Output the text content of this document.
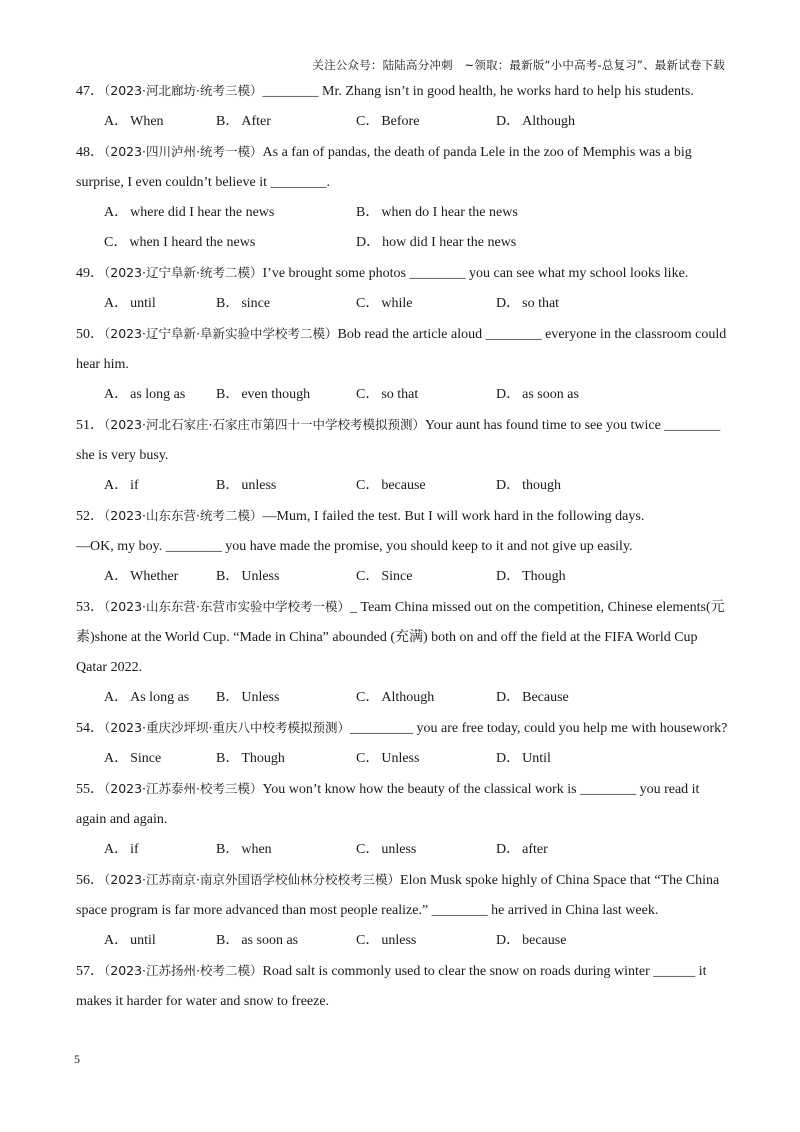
关注公众号：陆陆高分冲刺　~领取：最新版“小中高考-总复习”、最新试卷下载

47．（2023·河北廊坊·统考三模）________ Mr. Zhang isn’t in good health, he works hard to help his students.

A． When	B． After	C． Before	D． Although

48．（2023·四川泸州·统考一模）As a fan of pandas, the death of panda Lele in the zoo of Memphis was a big surprise, I even couldn’t believe it ________.

A． where did I hear the news	B． when do I hear the news
C． when I heard the news	D． how did I hear the news

49．（2023·辽宁阜新·统考二模）I’ve brought some photos ________ you can see what my school looks like.

A． until	B． since	C． while	D． so that

50．（2023·辽宁阜新·阜新实验中学校考二模）Bob read the article aloud ________ everyone in the classroom could hear him.

A． as long as	B． even though	C． so that	D． as soon as

51．（2023·河北石家庄·石家庄市第四十一中学校考模拟预测）Your aunt has found time to see you twice ________ she is very busy.

A． if	B． unless	C． because	D． though

52．（2023·山东东营·统考二模）—Mum, I failed the test. But I will work hard in the following days.

—OK, my boy. ________ you have made the promise, you should keep to it and not give up easily.

A． Whether	B． Unless	C． Since	D． Though

53．（2023·山东东营·东营市实验中学校考一模）_ Team China missed out on the competition, Chinese elements(元素)shone at the World Cup. “Made in China” abounded (充满) both on and off the field at the FIFA World Cup Qatar 2022.

A． As long as	B． Unless	C． Although	D． Because

54．（2023·重庆沙坪坝·重庆八中校考模拟预测）_________ you are free today, could you help me with housework?

A． Since	B． Though	C． Unless	D． Until

55．（2023·江苏泰州·校考三模）You won’t know how the beauty of the classical work is ________ you read it again and again.

A． if	B． when	C． unless	D． after

56．（2023·江苏南京·南京外国语学校仙林分校校考三模）Elon Musk spoke highly of China Space that “The China space program is far more advanced than most people realize.” ________ he arrived in China last week.

A． until	B． as soon as	C． unless	D． because

57．（2023·江苏扬州·校考二模）Road salt is commonly used to clear the snow on roads during winter ______ it makes it harder for water and snow to freeze.

5
